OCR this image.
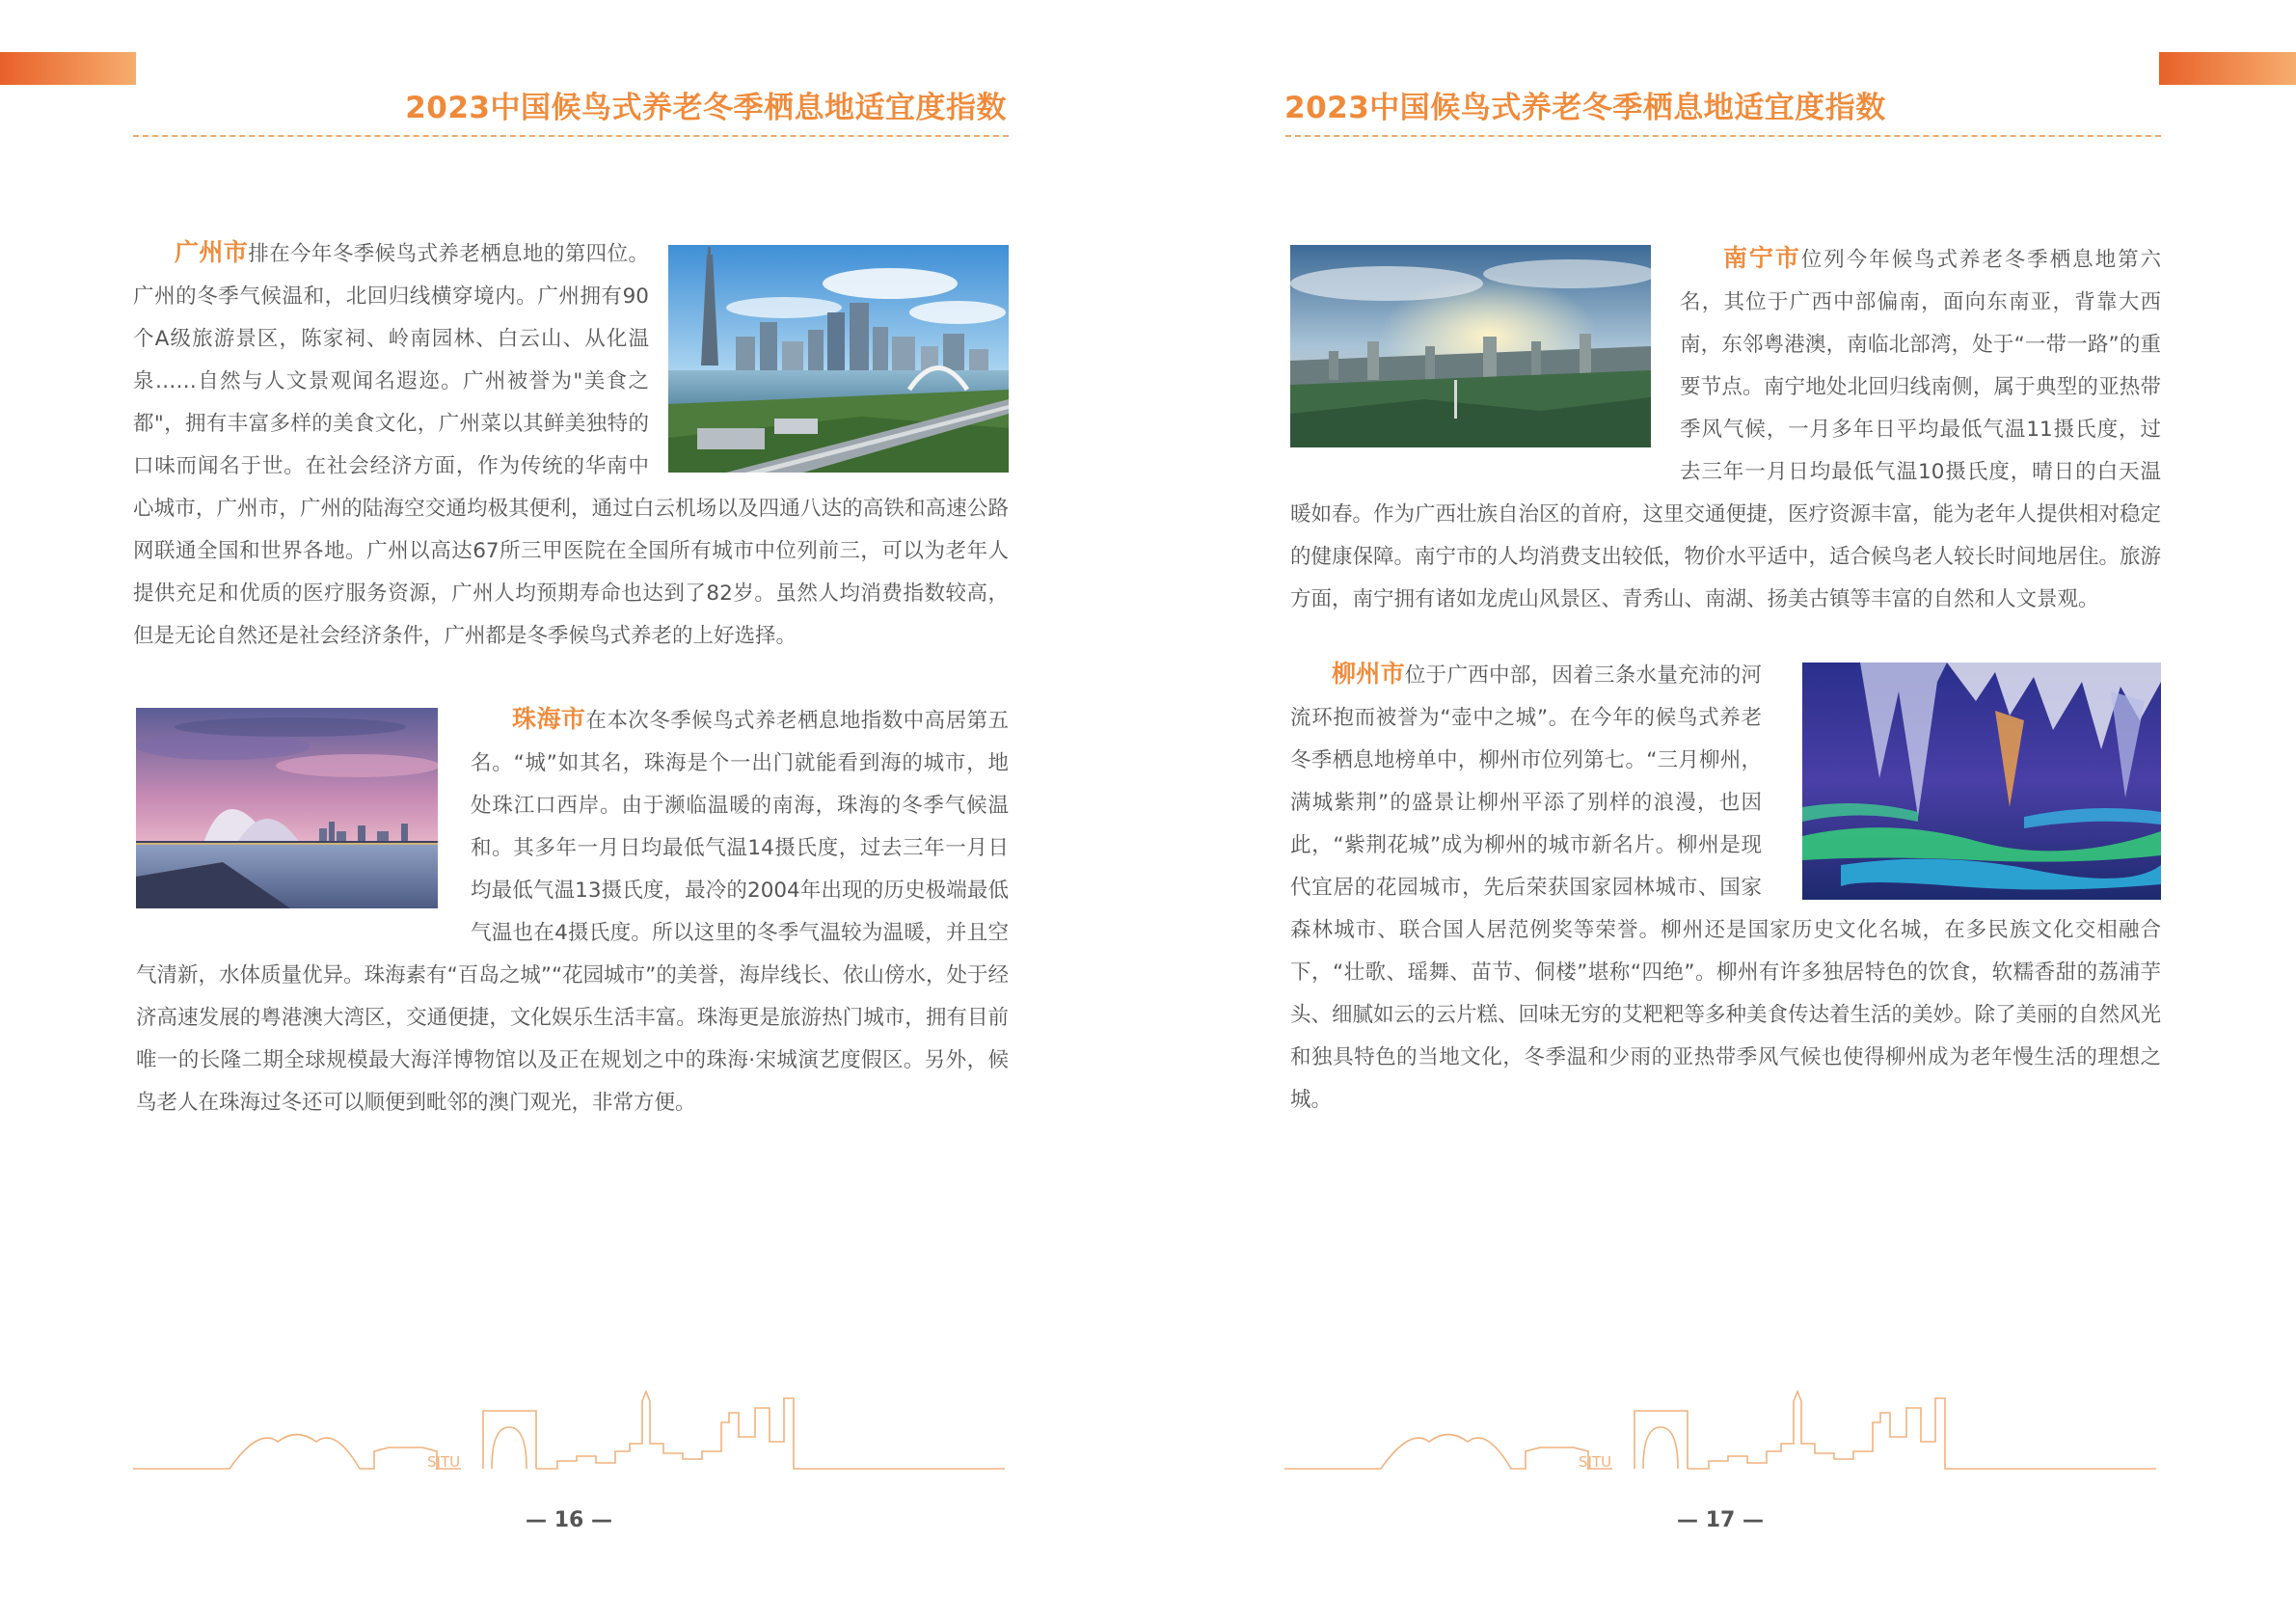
2023中国候鸟式养老冬季栖息地适宜度指数

广州市排在今年冬季候鸟式养老栖息地的第四位。广州的冬季气候温和，北回归线横穿境内。广州拥有90个A级旅游景区，陈家祠、岭南园林、白云山、从化温泉……自然与人文景观闻名遐迩。广州被誉为"美食之都"，拥有丰富多样的美食文化，广州菜以其鲜美独特的口味而闻名于世。在社会经济方面，作为传统的华南中心城市，广州市，广州的陆海空交通均极其便利，通过白云机场以及四通八达的高铁和高速公路网联通全国和世界各地。广州以高达67所三甲医院在全国所有城市中位列前三，可以为老年人提供充足和优质的医疗服务资源，广州人均预期寿命也达到了82岁。虽然人均消费指数较高，但是无论自然还是社会经济条件，广州都是冬季候鸟式养老的上好选择。

珠海市在本次冬季候鸟式养老栖息地指数中高居第五名。“城”如其名，珠海是个一出门就能看到海的城市，地处珠江口西岸。由于濒临温暖的南海，珠海的冬季气候温和。其多年一月日均最低气温14摄氏度，过去三年一月日均最低气温13摄氏度，最冷的2004年出现的历史极端最低气温也在4摄氏度。所以这里的冬季气温较为温暖，并且空气清新，水体质量优异。珠海素有“百岛之城”“花园城市”的美誉，海岸线长、依山傍水，处于经济高速发展的粤港澳大湾区，交通便捷，文化娱乐生活丰富。珠海更是旅游热门城市，拥有目前唯一的长隆二期全球规模最大海洋博物馆以及正在规划之中的珠海·宋城演艺度假区。另外，候鸟老人在珠海过冬还可以顺便到毗邻的澳门观光，非常方便。

SJTU
— 16 —
2023中国候鸟式养老冬季栖息地适宜度指数

南宁市位列今年候鸟式养老冬季栖息地第六名，其位于广西中部偏南，面向东南亚，背靠大西南，东邻粤港澳，南临北部湾，处于“一带一路”的重要节点。南宁地处北回归线南侧，属于典型的亚热带季风气候，一月多年日平均最低气温11摄氏度，过去三年一月日均最低气温10摄氏度，晴日的白天温暖如春。作为广西壮族自治区的首府，这里交通便捷，医疗资源丰富，能为老年人提供相对稳定的健康保障。南宁市的人均消费支出较低，物价水平适中，适合候鸟老人较长时间地居住。旅游方面，南宁拥有诸如龙虎山风景区、青秀山、南湖、扬美古镇等丰富的自然和人文景观。

柳州市位于广西中部，因着三条水量充沛的河流环抱而被誉为“壶中之城”。在今年的候鸟式养老冬季栖息地榜单中，柳州市位列第七。“三月柳州，满城紫荆”的盛景让柳州平添了别样的浪漫，也因此，“紫荆花城”成为柳州的城市新名片。柳州是现代宜居的花园城市，先后荣获国家园林城市、国家森林城市、联合国人居范例奖等荣誉。柳州还是国家历史文化名城，在多民族文化交相融合下，“壮歌、瑶舞、苗节、侗楼”堪称“四绝”。柳州有许多独居特色的饮食，软糯香甜的荔浦芋头、细腻如云的云片糕、回味无穷的艾粑粑等多种美食传达着生活的美妙。除了美丽的自然风光和独具特色的当地文化，冬季温和少雨的亚热带季风气候也使得柳州成为老年慢生活的理想之城。

SJTU
— 17 —
